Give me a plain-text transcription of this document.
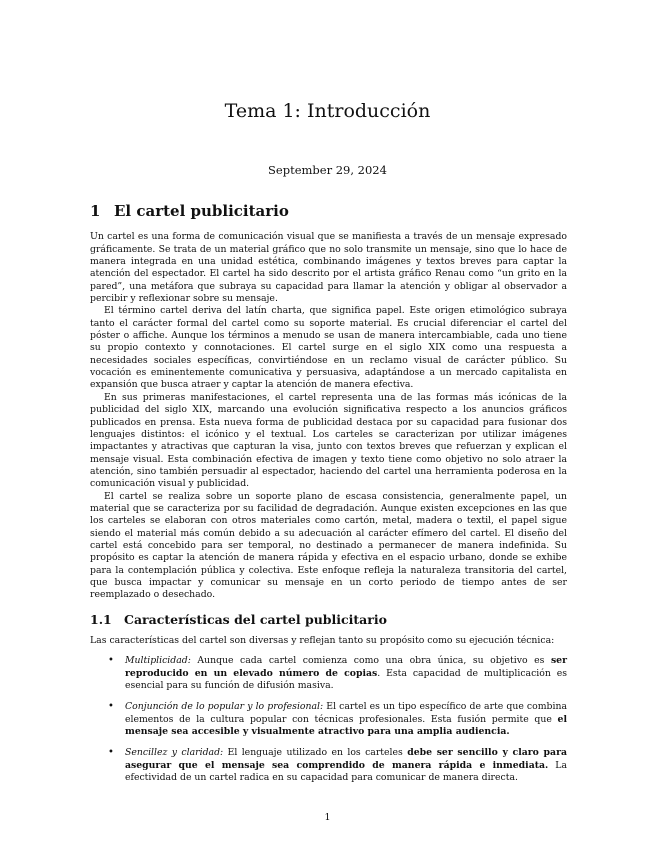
Tema 1: Introducción
September 29, 2024
1 El cartel publicitario

Un cartel es una forma de comunicación visual que se manifiesta a través de un mensaje expresado gráficamente. Se trata de un material gráfico que no solo transmite un mensaje, sino que lo hace de manera integrada en una unidad estética, combinando imágenes y textos breves para captar la atención del espectador. El cartel ha sido descrito por el artista gráfico Renau como “un grito en la pared”, una metáfora que subraya su capacidad para llamar la atención y obligar al observador a percibir y reflexionar sobre su mensaje.

El término cartel deriva del latín charta, que significa papel. Este origen etimológico subraya tanto el carácter formal del cartel como su soporte material. Es crucial diferenciar el cartel del póster o affiche. Aunque los términos a menudo se usan de manera intercambiable, cada uno tiene su propio contexto y connotaciones. El cartel surge en el siglo XIX como una respuesta a necesidades sociales específicas, convirtiéndose en un reclamo visual de carácter público. Su vocación es eminentemente comunicativa y persuasiva, adaptándose a un mercado capitalista en expansión que busca atraer y captar la atención de manera efectiva.

En sus primeras manifestaciones, el cartel representa una de las formas más icónicas de la publicidad del siglo XIX, marcando una evolución significativa respecto a los anuncios gráficos publicados en prensa. Esta nueva forma de publicidad destaca por su capacidad para fusionar dos lenguajes distintos: el icónico y el textual. Los carteles se caracterizan por utilizar imágenes impactantes y atractivas que capturan la visa, junto con textos breves que refuerzan y explican el mensaje visual. Esta combinación efectiva de imagen y texto tiene como objetivo no solo atraer la atención, sino también persuadir al espectador, haciendo del cartel una herramienta poderosa en la comunicación visual y publicidad.

El cartel se realiza sobre un soporte plano de escasa consistencia, generalmente papel, un material que se caracteriza por su facilidad de degradación. Aunque existen excepciones en las que los carteles se elaboran con otros materiales como cartón, metal, madera o textil, el papel sigue siendo el material más común debido a su adecuación al carácter efímero del cartel. El diseño del cartel está concebido para ser temporal, no destinado a permanecer de manera indefinida. Su propósito es captar la atención de manera rápida y efectiva en el espacio urbano, donde se exhibe para la contemplación pública y colectiva. Este enfoque refleja la naturaleza transitoria del cartel, que busca impactar y comunicar su mensaje en un corto periodo de tiempo antes de ser reemplazado o desechado.

1.1 Características del cartel publicitario

Las características del cartel son diversas y reflejan tanto su propósito como su ejecución técnica:

• Multiplicidad: Aunque cada cartel comienza como una obra única, su objetivo es ser reproducido en un elevado número de copias. Esta capacidad de multiplicación es esencial para su función de difusión masiva.
• Conjunción de lo popular y lo profesional: El cartel es un tipo específico de arte que combina elementos de la cultura popular con técnicas profesionales. Esta fusión permite que el mensaje sea accesible y visualmente atractivo para una amplia audiencia.
• Sencillez y claridad: El lenguaje utilizado en los carteles debe ser sencillo y claro para asegurar que el mensaje sea comprendido de manera rápida e inmediata. La efectividad de un cartel radica en su capacidad para comunicar de manera directa.
1
